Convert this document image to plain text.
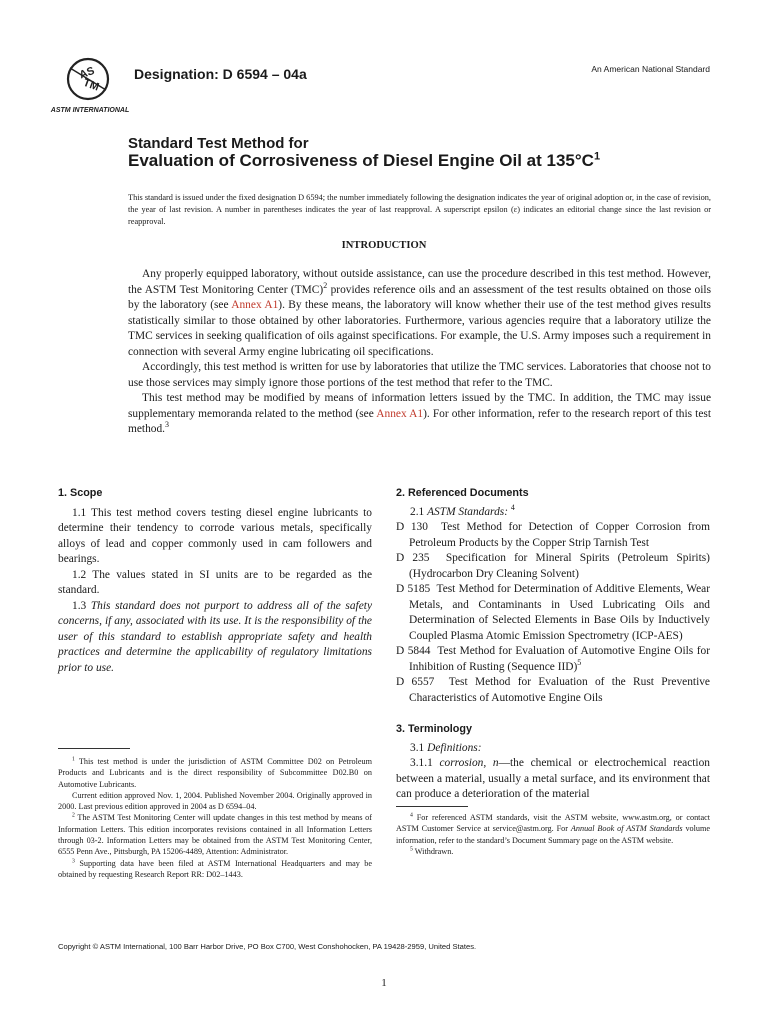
AS
TM
ASTM INTERNATIONAL
Designation: D 6594 – 04a	An American National Standard
Standard Test Method for
Evaluation of Corrosiveness of Diesel Engine Oil at $135^\circ C^1$
This standard is issued under the fixed designation D 6594; the number immediately following the designation indicates the year of original adoption or, in the case of revision, the year of last revision. A number in parentheses indicates the year of last reapproval. A superscript epsilon (ε) indicates an editorial change since the last revision or reapproval.
INTRODUCTION

Any properly equipped laboratory, without outside assistance, can use the procedure described in this test method. However, the ASTM Test Monitoring Center (TMC)$^2$ provides reference oils and an assessment of the test results obtained on those oils by the laboratory (see Annex A1). By these means, the laboratory will know whether their use of the test method gives results statistically similar to those obtained by other laboratories. Furthermore, various agencies require that a laboratory utilize the TMC services in seeking qualification of oils against specifications. For example, the U.S. Army imposes such a requirement in connection with several Army engine lubricating oil specifications.

Accordingly, this test method is written for use by laboratories that utilize the TMC services. Laboratories that choose not to use those services may simply ignore those portions of the test method that refer to the TMC.

This test method may be modified by means of information letters issued by the TMC. In addition, the TMC may issue supplementary memoranda related to the method (see Annex A1). For other information, refer to the research report of this test method.$^3$

1. Scope

1.1 This test method covers testing diesel engine lubricants to determine their tendency to corrode various metals, specifically alloys of lead and copper commonly used in cam followers and bearings.

1.2 The values stated in SI units are to be regarded as the standard.

1.3 This standard does not purport to address all of the safety concerns, if any, associated with its use. It is the responsibility of the user of this standard to establish appropriate safety and health practices and determine the applicability of regulatory limitations prior to use.

$^1$ This test method is under the jurisdiction of ASTM Committee D02 on Petroleum Products and Lubricants and is the direct responsibility of Subcommittee D02.B0 on Automotive Lubricants.

Current edition approved Nov. 1, 2004. Published November 2004. Originally approved in 2000. Last previous edition approved in 2004 as D 6594–04.

$^2$ The ASTM Test Monitoring Center will update changes in this test method by means of Information Letters. This edition incorporates revisions contained in all Information Letters through 03-2. Information Letters may be obtained from the ASTM Test Monitoring Center, 6555 Penn Ave., Pittsburgh, PA 15206-4489, Attention: Administrator.

$^3$ Supporting data have been filed at ASTM International Headquarters and may be obtained by requesting Research Report RR: D02–1443.

2. Referenced Documents

2.1 ASTM Standards: $^4$

D 130 Test Method for Detection of Copper Corrosion from Petroleum Products by the Copper Strip Tarnish Test

D 235 Specification for Mineral Spirits (Petroleum Spirits) (Hydrocarbon Dry Cleaning Solvent)

D 5185 Test Method for Determination of Additive Elements, Wear Metals, and Contaminants in Used Lubricating Oils and Determination of Selected Elements in Base Oils by Inductively Coupled Plasma Atomic Emission Spectrometry (ICP-AES)

D 5844 Test Method for Evaluation of Automotive Engine Oils for Inhibition of Rusting (Sequence IID)$^5$

D 6557 Test Method for Evaluation of the Rust Preventive Characteristics of Automotive Engine Oils

3. Terminology

3.1 Definitions:

3.1.1 corrosion, n—the chemical or electrochemical reaction between a material, usually a metal surface, and its environment that can produce a deterioration of the material

$^4$ For referenced ASTM standards, visit the ASTM website, www.astm.org, or contact ASTM Customer Service at service@astm.org. For Annual Book of ASTM Standards volume information, refer to the standard’s Document Summary page on the ASTM website.

$^5$ Withdrawn.

Copyright © ASTM International, 100 Barr Harbor Drive, PO Box C700, West Conshohocken, PA 19428-2959, United States.
1
